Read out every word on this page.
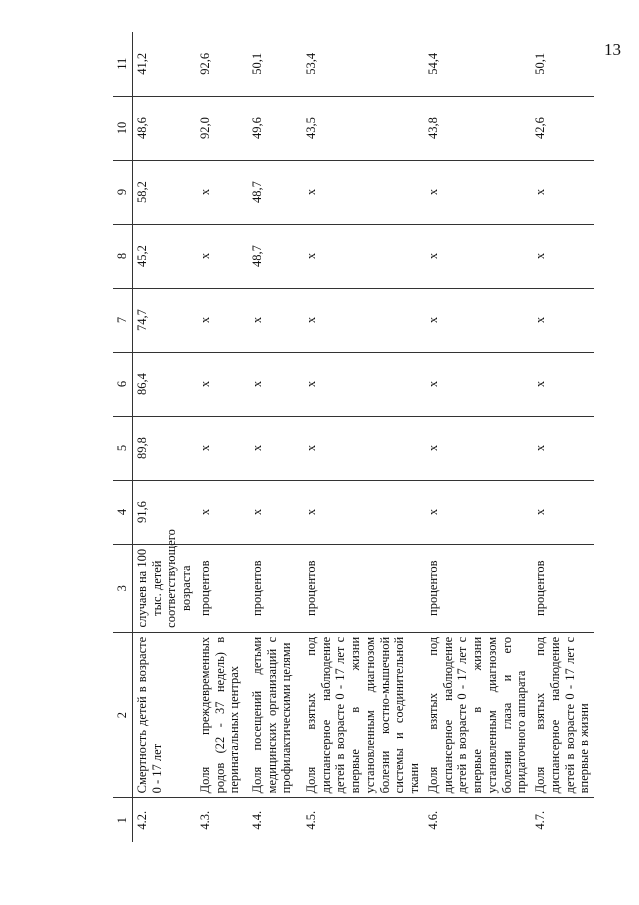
13
1	2	3	4	5	6	7	8	9	10	11
4.2.	Смертность детей в возрасте 0 - 17 лет	случаев на 100 тыс. детей соответствующего возраста	91,6	89,8	86,4	74,7	45,2	58,2	48,6	41,2
4.3.	Доля преждевременных родов (22 - 37 недель) в перинатальных центрах	процентов	х	х	х	х	х	х	92,0	92,6
4.4.	Доля посещений детьми медицинских организаций с профилактическими целями	процентов	х	х	х	х	48,7	48,7	49,6	50,1
4.5.	Доля взятых под диспансерное наблюдение детей в возрасте 0 - 17 лет с впервые в жизни установленным диагнозом болезни костно-мышечной системы и соединительной ткани	процентов	х	х	х	х	х	х	43,5	53,4
4.6.	Доля взятых под диспансерное наблюдение детей в возрасте 0 - 17 лет с впервые в жизни установленным диагнозом болезни глаза и его придаточного аппарата	процентов	х	х	х	х	х	х	43,8	54,4
4.7.	Доля взятых под диспансерное наблюдение детей в возрасте 0 - 17 лет с впервые в жизни	процентов	х	х	х	х	х	х	42,6	50,1
